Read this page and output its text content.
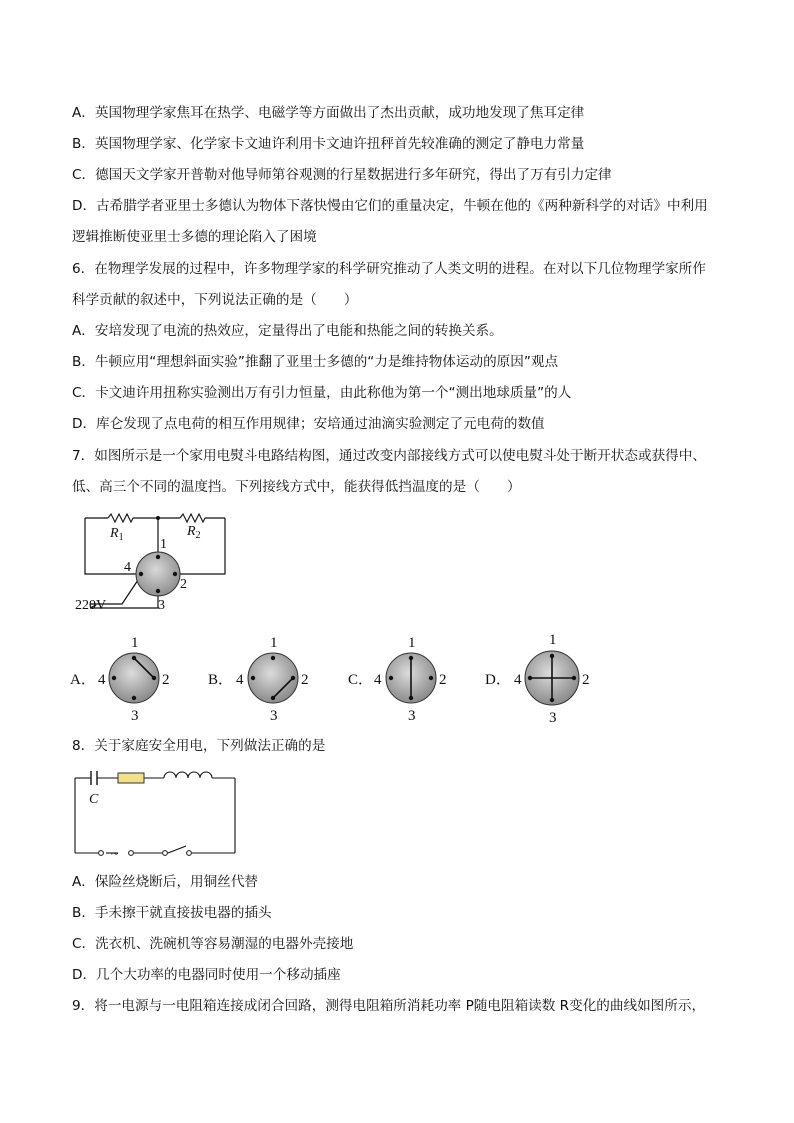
A．英国物理学家焦耳在热学、电磁学等方面做出了杰出贡献，成功地发现了焦耳定律
B．英国物理学家、化学家卡文迪许利用卡文迪许扭秤首先较准确的测定了静电力常量
C．德国天文学家开普勒对他导师第谷观测的行星数据进行多年研究，得出了万有引力定律
D．古希腊学者亚里士多德认为物体下落快慢由它们的重量决定，牛顿在他的《两种新科学的对话》中利用
逻辑推断使亚里士多德的理论陷入了困境
6．在物理学发展的过程中，许多物理学家的科学研究推动了人类文明的进程。在对以下几位物理学家所作
科学贡献的叙述中，下列说法正确的是（　　）
A．安培发现了电流的热效应，定量得出了电能和热能之间的转换关系。
B．牛顿应用“理想斜面实验”推翻了亚里士多德的“力是维持物体运动的原因”观点
C．卡文迪许用扭称实验测出万有引力恒量，由此称他为第一个“测出地球质量”的人
D．库仑发现了点电荷的相互作用规律；安培通过油滴实验测定了元电荷的数值
7．如图所示是一个家用电熨斗电路结构图，通过改变内部接线方式可以使电熨斗处于断开状态或获得中、
低、高三个不同的温度挡。下列接线方式中，能获得低挡温度的是（　　）
$R_1$	$R_2$
1
2
3
4
220V
A．
1
2
3
4	B．
1
2
3
4	C．
1
2
3
4	D．
1
2
3
4
8．关于家庭安全用电，下列做法正确的是
~
C
A．保险丝烧断后，用铜丝代替
B．手未擦干就直接拔电器的插头
C．洗衣机、洗碗机等容易潮湿的电器外壳接地
D．几个大功率的电器同时使用一个移动插座
9．将一电源与一电阻箱连接成闭合回路，测得电阻箱所消耗功率 P随电阻箱读数 R变化的曲线如图所示，
